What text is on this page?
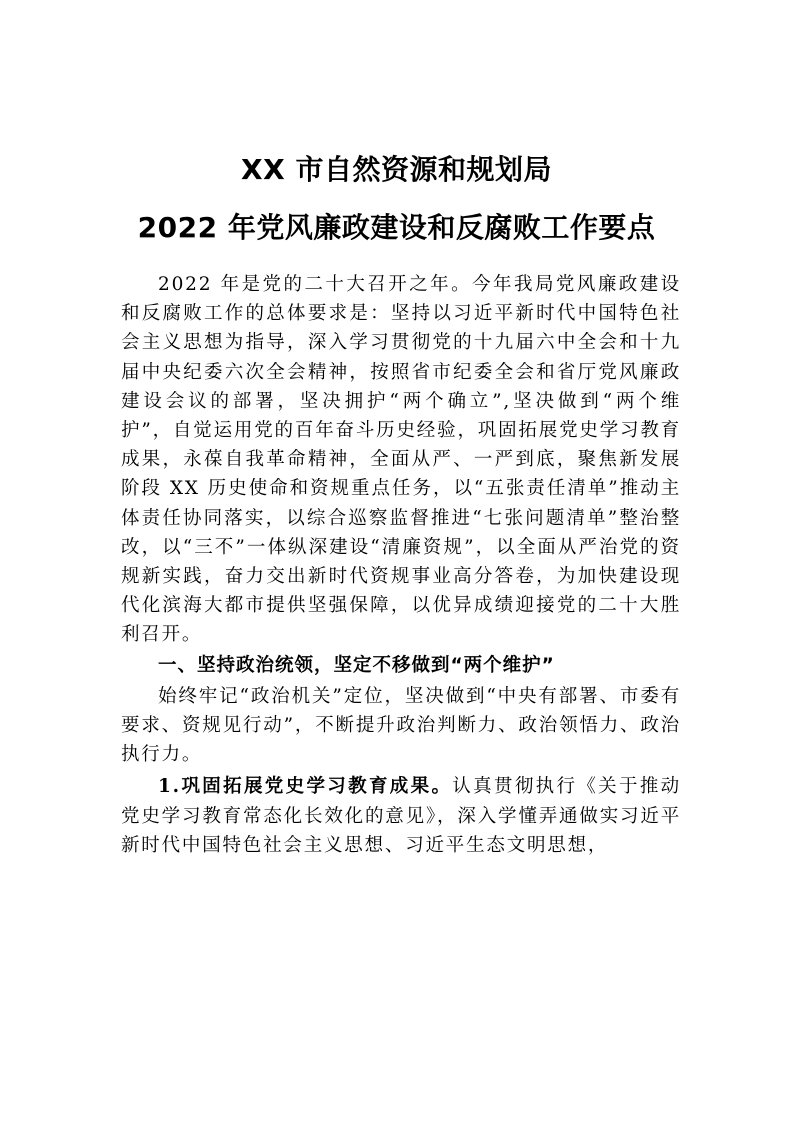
XX 市自然资源和规划局
2022 年党风廉政建设和反腐败工作要点

2022 年是党的二十大召开之年。今年我局党风廉政建设和反腐败工作的总体要求是：坚持以习近平新时代中国特色社会主义思想为指导，深入学习贯彻党的十九届六中全会和十九届中央纪委六次全会精神，按照省市纪委全会和省厅党风廉政建设会议的部署，坚决拥护“两个确立”,坚决做到“两个维护”，自觉运用党的百年奋斗历史经验，巩固拓展党史学习教育成果，永葆自我革命精神，全面从严、一严到底，聚焦新发展阶段 XX 历史使命和资规重点任务，以“五张责任清单”推动主体责任协同落实，以综合巡察监督推进“七张问题清单”整治整改，以“三不”一体纵深建设“清廉资规”，以全面从严治党的资规新实践，奋力交出新时代资规事业高分答卷，为加快建设现代化滨海大都市提供坚强保障，以优异成绩迎接党的二十大胜利召开。

一、坚持政治统领，坚定不移做到“两个维护”

始终牢记“政治机关”定位，坚决做到“中央有部署、市委有要求、资规见行动”，不断提升政治判断力、政治领悟力、政治执行力。

1.巩固拓展党史学习教育成果。认真贯彻执行《关于推动党史学习教育常态化长效化的意见》，深入学懂弄通做实习近平新时代中国特色社会主义思想、习近平生态文明思想，
